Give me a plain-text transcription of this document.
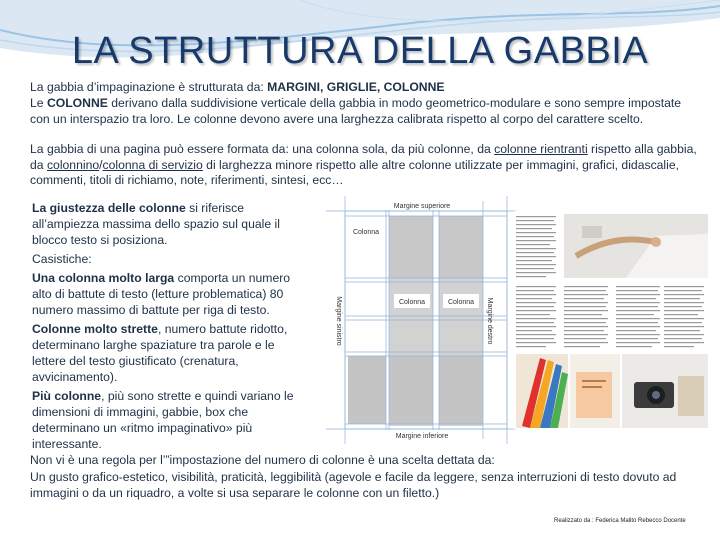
LA STRUTTURA DELLA GABBIA

La gabbia d’impaginazione è strutturata da: MARGINI, GRIGLIE, COLONNE

Le COLONNE derivano dalla suddivisione verticale della gabbia in modo geometrico-modulare e sono sempre impostate con un interspazio tra loro. Le colonne devono avere una larghezza calibrata rispetto al corpo del carattere scelto.

La gabbia di una pagina può essere formata da: una colonna sola, da più colonne, da colonne rientranti rispetto alla gabbia, da colonnino/colonna di servizio di larghezza minore rispetto alle altre colonne utilizzate per immagini, grafici, didascalie, commenti, titoli di richiamo, note, riferimenti, sintesi, ecc…

La giustezza delle colonne si riferisce all’ampiezza massima dello spazio sul quale il blocco testo si posiziona.

Casistiche:

Una colonna molto larga comporta un numero alto di battute di testo (letture problematica) 80 numero massimo di battute per riga di testo.

Colonne molto strette, numero battute ridotto, determinano larghe spaziature tra parole e le lettere del testo giustificato (crenatura, avvicinamento).

Più colonne, più sono strette e quindi variano le dimensioni di immagini, gabbie, box che determinano un «ritmo impaginativo» più interessante.

Margine superiore
Margine inferiore
Margine sinistro	Margine destro
Colonna
Colonna	Colonna

Non vi è una regola per l’”impostazione del numero di colonne è una scelta dettata da:

Un gusto grafico-estetico, visibilità, praticità, leggibilità (agevole e facile da leggere, senza interruzioni di testo dovuto ad immagini o da un riquadro, a volte si usa separare le colonne con un filetto.)

Realizzato da : Federica Malito Rebecco Docente
